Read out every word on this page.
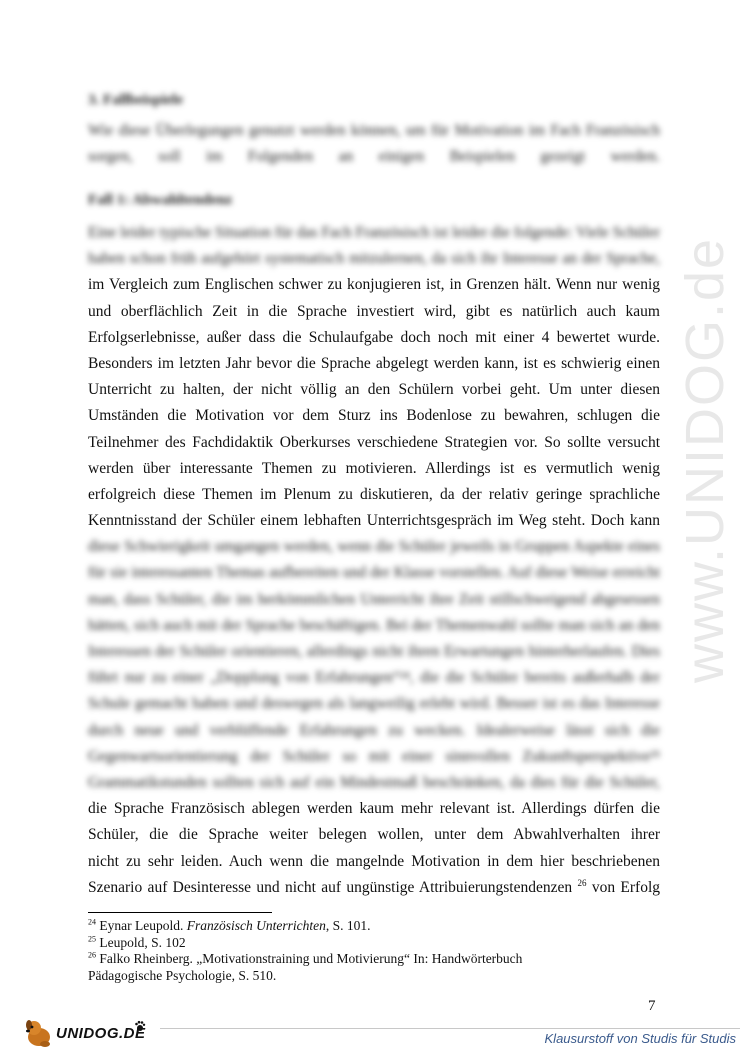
www.UNIDOG.de
3. Fallbeispiele
Wie diese Überlegungen genutzt werden können, um für Motivation im Fach Französisch
sorgen, soll im Folgenden an einigen Beispielen gezeigt werden.
Fall 1: Abwahltendenz
Eine leider typische Situation für das Fach Französisch ist leider die folgende: Viele Schüler
haben schon früh aufgehört systematisch mitzulernen, da sich ihr Interesse an der Sprache,
im Vergleich zum Englischen schwer zu konjugieren ist, in Grenzen hält. Wenn nur wenig
und oberflächlich Zeit in die Sprache investiert wird, gibt es natürlich auch kaum
Erfolgserlebnisse, außer dass die Schulaufgabe doch noch mit einer 4 bewertet wurde.
Besonders im letzten Jahr bevor die Sprache abgelegt werden kann, ist es schwierig einen
Unterricht zu halten, der nicht völlig an den Schülern vorbei geht. Um unter diesen
Umständen die Motivation vor dem Sturz ins Bodenlose zu bewahren, schlugen die
Teilnehmer des Fachdidaktik Oberkurses verschiedene Strategien vor. So sollte versucht
werden über interessante Themen zu motivieren. Allerdings ist es vermutlich wenig
erfolgreich diese Themen im Plenum zu diskutieren, da der relativ geringe sprachliche
Kenntnisstand der Schüler einem lebhaften Unterrichtsgespräch im Weg steht. Doch kann
diese Schwierigkeit umgangen werden, wenn die Schüler jeweils in Gruppen Aspekte eines
für sie interessanten Themas aufbereiten und der Klasse vorstellen. Auf diese Weise erreicht
man, dass Schüler, die im herkömmlichen Unterricht ihre Zeit stillschweigend abgesessen
hätten, sich auch mit der Sprache beschäftigen. Bei der Themenwahl sollte man sich an den
Interessen der Schüler orientieren, allerdings nicht ihren Erwartungen hinterherlaufen. Dies
führt nur zu einer „Dopplung von Erfahrungen“²⁴, die die Schüler bereits außerhalb der
Schule gemacht haben und deswegen als langweilig erlebt wird. Besser ist es das Interesse
durch neue und verblüffende Erfahrungen zu wecken. Idealerweise lässt sich die
Gegenwartsorientierung der Schüler so mit einer sinnvollen Zukunftsperspektive²⁵
Grammatikstunden sollten sich auf ein Mindestmaß beschränken, da dies für die Schüler,
die Sprache Französisch ablegen werden kaum mehr relevant ist. Allerdings dürfen die
Schüler, die die Sprache weiter belegen wollen, unter dem Abwahlverhalten ihrer
nicht zu sehr leiden. Auch wenn die mangelnde Motivation in dem hier beschriebenen
Szenario auf Desinteresse und nicht auf ungünstige Attribuierungstendenzen $^{26}$ von Erfolg
$^{24}$ Eynar Leupold. Französisch Unterrichten, S. 101.
$^{25}$ Leupold, S. 102
$^{26}$ Falko Rheinberg. „Motivationstraining und Motivierung“ In: Handwörterbuch
Pädagogische Psychologie, S. 510.
7
UNIDOG.DE	Klausurstoff von Studis für Studis
